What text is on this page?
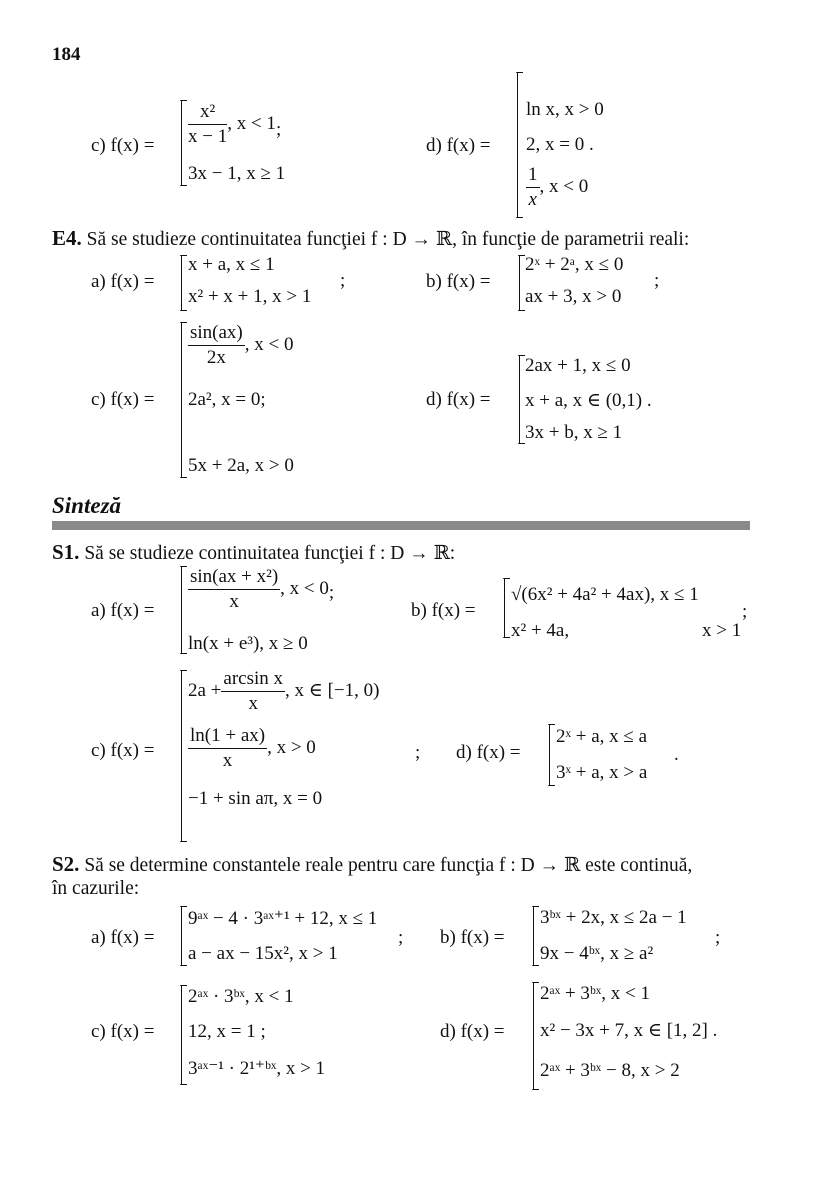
184
c) $f(x) = \frac{\text{x²}}{x - 1}$ , x < 1;
3x − 1, x ≥ 1
d) f(x) =
ln x, x > 0
2, x = 0 .
$\frac{1}{x}$ , x < 0
E4. Să se studieze continuitatea funcţiei f : D → ℝ, în funcţie de parametrii reali:
a) f(x) =
x + a, x ≤ 1
x² + x + 1, x > 1
;	b) f(x) =
2ˣ + 2ᵃ, x ≤ 0
ax + 3, x > 0
;
c) f(x) =
$\frac{\sin(ax)}{2x}$ , x < 0
2a², x = 0;
5x + 2a, x > 0
d) f(x) =
2ax + 1, x ≤ 0
x + a, x ∈ (0,1) .
3x + b, x ≥ 1
Sinteză
S1. Să se studieze continuitatea funcţiei f : D → ℝ:
a) $f(x) = \frac{\text{sin(ax + x²)}}{x}$ , x < 0;
ln(x + e³), x ≥ 0
b) f(x) =
√(6x² + 4a² + 4ax), x ≤ 1
x² + 4a,	x > 1
;
c) f(x) =
$2a + \frac{\text{arcsin x}}{x}$ , x ∈ [−1, 0)
$\frac{\ln(1 + ax)}{x}$ , x > 0	;
−1 + sin aπ, x = 0
d) f(x) =
2ˣ + a, x ≤ a
3ˣ + a, x > a
.
S2. Să se determine constantele reale pentru care funcţia f : D → ℝ este continuă,
în cazurile:
a) f(x) =
9ᵃˣ − 4 · 3ᵃˣ⁺¹ + 12, x ≤ 1
a − ax − 15x², x > 1
; b) f(x) =
3ᵇˣ + 2x, x ≤ 2a − 1
9x − 4ᵇˣ, x ≥ a²
;
c) f(x) =
2ᵃˣ · 3ᵇˣ, x < 1
12, x = 1 ;
3ᵃˣ⁻¹ · 2¹⁺ᵇˣ, x > 1
d) f(x) =
2ᵃˣ + 3ᵇˣ, x < 1
x² − 3x + 7, x ∈ [1, 2] .
2ᵃˣ + 3ᵇˣ − 8, x > 2
